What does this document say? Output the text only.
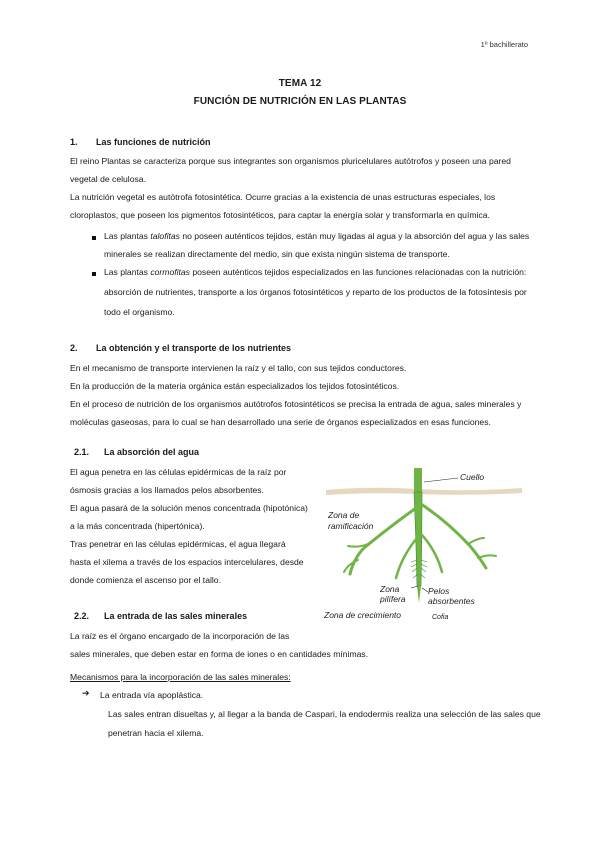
1º bachillerato
TEMA 12
FUNCIÓN DE NUTRICIÓN EN LAS PLANTAS
1. Las funciones de nutrición
El reino Plantas se caracteriza porque sus integrantes son organismos pluricelulares autótrofos y poseen una pared
vegetal de celulosa.
La nutrición vegetal es autótrofa fotosintética. Ocurre gracias a la existencia de unas estructuras especiales, los
cloroplastos, que poseen los pigmentos fotosintéticos, para captar la energía solar y transformarla en química.
Las plantas talofitas no poseen auténticos tejidos, están muy ligadas al agua y la absorción del agua y las sales
minerales se realizan directamente del medio, sin que exista ningún sistema de transporte.
Las plantas cormofitas poseen auténticos tejidos especializados en las funciones relacionadas con la nutrición:
absorción de nutrientes, transporte a los órganos fotosintéticos y reparto de los productos de la fotosíntesis por
todo el organismo.
2. La obtención y el transporte de los nutrientes
En el mecanismo de transporte intervienen la raíz y el tallo, con sus tejidos conductores.
En la producción de la materia orgánica están especializados los tejidos fotosintéticos.
En el proceso de nutrición de los organismos autótrofos fotosintéticos se precisa la entrada de agua, sales minerales y
moléculas gaseosas, para lo cual se han desarrollado una serie de órganos especializados en esas funciones.
2.1. La absorción del agua
El agua penetra en las células epidérmicas de la raíz por
ósmosis gracias a los llamados pelos absorbentes.
El agua pasará de la solución menos concentrada (hipotónica)
a la más concentrada (hipertónica).
Tras penetrar en las células epidérmicas, el agua llegará
hasta el xilema a través de los espacios intercelulares, desde
donde comienza el ascenso por el tallo.
Cuello
Zona de
ramificación
Zona
pilífera
Pelos
absorbentes
Zona de crecimiento	Cofia
2.2. La entrada de las sales minerales
La raíz es el órgano encargado de la incorporación de las
sales minerales, que deben estar en forma de iones o en cantidades mínimas.
Mecanismos para la incorporación de las sales minerales:
➔ La entrada vía apoplástica.
Las sales entran disueltas y, al llegar a la banda de Caspari, la endodermis realiza una selección de las sales que
penetran hacia el xilema.
